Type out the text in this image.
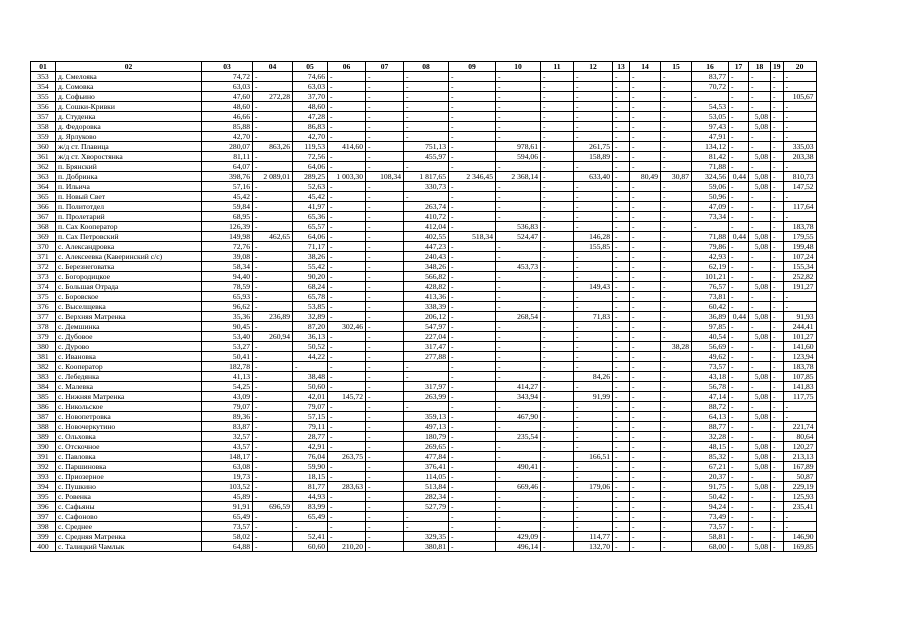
01	02	03	04	05	06	07	08	09	10	11	12	13	14	15	16	17	18	19	20
353	д. Смелояка	74,72	-	74,66	-	-	-	-	-	-	-	-	-	-	83,77	-	-	-	-
354	д. Сомовка	63,03	-	63,03	-	-	-	-	-	-	-	-	-	-	70,72	-	-	-	-
355	д. Софьино	47,60	272,28	37,70	-	-	-	-	-	-	-	-	-	-	-	-	-	-	105,67
356	д. Сошки-Кривки	48,60	-	48,60	-	-	-	-	-	-	-	-	-	-	54,53	-	-	-	-
357	д. Студенка	46,66	-	47,28	-	-	-	-	-	-	-	-	-	-	53,05	-	5,08	-	-
358	д. Федоровка	85,88	-	86,83	-	-	-	-	-	-	-	-	-	-	97,43	-	5,08	-	-
359	д. Ярлуково	42,70	-	42,70	-	-	-	-	-	-	-	-	-	-	47,91	-	-	-	-
360	ж/д ст. Плавица	280,07	863,26	119,53	414,60	-	751,13	-	978,61	-	261,75	-	-	-	134,12	-	-	-	335,03
361	ж/д ст. Хворостянка	81,11	-	72,56	-	-	455,97	-	594,06	-	158,89	-	-	-	81,42	-	5,08	-	203,38
362	п. Брянский	64,07	-	64,06	-	-	-	-	-	-	-	-	-	-	71,88	-	-	-	-
363	п. Добринка	398,76	2 089,01	289,25	1 003,30	108,34	1 817,65	2 346,45	2 368,14	-	633,40	-	80,49	30,87	324,56	0,44	5,08	-	810,73
364	п. Ильича	57,16	-	52,63	-	-	330,73	-	-	-	-	-	-	-	59,06	-	5,08	-	147,52
365	п. Новый Свет	45,42	-	45,42	-	-	-	-	-	-	-	-	-	-	50,96	-	-	-	-
366	п. Политотдел	59,84	-	41,97	-	-	263,74	-	-	-	-	-	-	-	47,09	-	-	-	117,64
367	п. Пролетарий	68,95	-	65,36	-	-	410,72	-	-	-	-	-	-	-	73,34	-	-	-	-
368	п. Сах Кооператор	126,39	-	65,57	-	-	412,04	-	536,83	-	-	-	-	-	-	-	-	-	183,78
369	п. Сах Петровский	149,98	462,65	64,06	-	-	402,55	518,34	524,47	-	146,28	-	-	-	71,88	0,44	5,08	-	179,55
370	с. Александровка	72,76	-	71,17	-	-	447,23	-	-	-	155,85	-	-	-	79,86	-	5,08	-	199,48
371	с. Алексеевка (Каверинский с/с)	39,08	-	38,26	-	-	240,43	-	-	-	-	-	-	-	42,93	-	-	-	107,24
372	с. Березнеговатка	58,34	-	55,42	-	-	348,26	-	453,73	-	-	-	-	-	62,19	-	-	-	155,34
373	с. Богородицкое	94,40	-	90,20	-	-	566,82	-	-	-	-	-	-	-	101,21	-	-	-	252,82
374	с. Большая Отрада	78,59	-	68,24	-	-	428,82	-	-	-	149,43	-	-	-	76,57	-	5,08	-	191,27
375	с. Боровское	65,93	-	65,78	-	-	413,36	-	-	-	-	-	-	-	73,81	-	-	-	-
376	с. Выселщевка	96,62	-	53,85	-	-	338,39	-	-	-	-	-	-	-	60,42	-	-	-	-
377	с. Верхняя Матренка	35,36	236,89	32,89	-	-	206,12	-	268,54	-	71,83	-	-	-	36,89	0,44	5,08	-	91,93
378	с. Демшинка	90,45	-	87,20	302,46	-	547,97	-	-	-	-	-	-	-	97,85	-	-	-	244,41
379	с. Дубовое	53,40	260,94	36,13	-	-	227,04	-	-	-	-	-	-	-	40,54	-	5,08	-	101,27
380	с. Дурово	53,27	-	50,52	-	-	317,47	-	-	-	-	-	-	38,28	56,69	-	-	-	141,60
381	с. Ивановка	50,41	-	44,22	-	-	277,88	-	-	-	-	-	-	-	49,62	-	-	-	123,94
382	с. Кооператор	182,78	-	-	-	-	-	-	-	-	-	-	-	-	73,57	-	-	-	183,78
383	с. Лебедянка	41,13	-	38,48	-	-	-	-	-	-	84,26	-	-	-	43,18	-	5,08	-	107,85
384	с. Малевка	54,25	-	50,60	-	-	317,97	-	414,27	-	-	-	-	-	56,78	-	-	-	141,83
385	с. Нижняя Матренка	43,09	-	42,01	145,72	-	263,99	-	343,94	-	91,99	-	-	-	47,14	-	5,08	-	117,75
386	с. Никольское	79,07	-	79,07	-	-	-	-	-	-	-	-	-	-	88,72	-	-	-	-
387	с. Новопетровка	89,36	-	57,15	-	-	359,13	-	467,90	-	-	-	-	-	64,13	-	5,08	-	-
388	с. Новочеркутино	83,87	-	79,11	-	-	497,13	-	-	-	-	-	-	-	88,77	-	-	-	221,74
389	с. Ольховка	32,57	-	28,77	-	-	180,79	-	235,54	-	-	-	-	-	32,28	-	-	-	80,64
390	с. Отскочное	43,57	-	42,91	-	-	269,65	-	-	-	-	-	-	-	48,15	-	5,08	-	120,27
391	с. Павловка	148,17	-	76,04	263,75	-	477,84	-	-	-	166,51	-	-	-	85,32	-	5,08	-	213,13
392	с. Паршиновка	63,08	-	59,90	-	-	376,41	-	490,41	-	-	-	-	-	67,21	-	5,08	-	167,89
393	с. Приозерное	19,73	-	18,15	-	-	114,05	-	-	-	-	-	-	-	20,37	-	-	-	50,87
394	с. Пушкино	103,52	-	81,77	283,63	-	513,84	-	669,46	-	179,06	-	-	-	91,75	-	5,08	-	229,19
395	с. Ровенка	45,89	-	44,93	-	-	282,34	-	-	-	-	-	-	-	50,42	-	-	-	125,93
396	с. Сафьяны	91,91	696,59	83,99	-	-	527,79	-	-	-	-	-	-	-	94,24	-	-	-	235,41
397	с. Сафоново	65,49	-	65,49	-	-	-	-	-	-	-	-	-	-	73,49	-	-	-	-
398	с. Среднее	73,57	-	-	-	-	-	-	-	-	-	-	-	-	73,57	-	-	-	-
399	с. Средняя Матренка	58,02	-	52,41	-	-	329,35	-	429,09	-	114,77	-	-	-	58,81	-	-	-	146,90
400	с. Талицкий Чамлык	64,88	-	60,60	210,20	-	380,81	-	496,14	-	132,70	-	-	-	68,00	-	5,08	-	169,85
